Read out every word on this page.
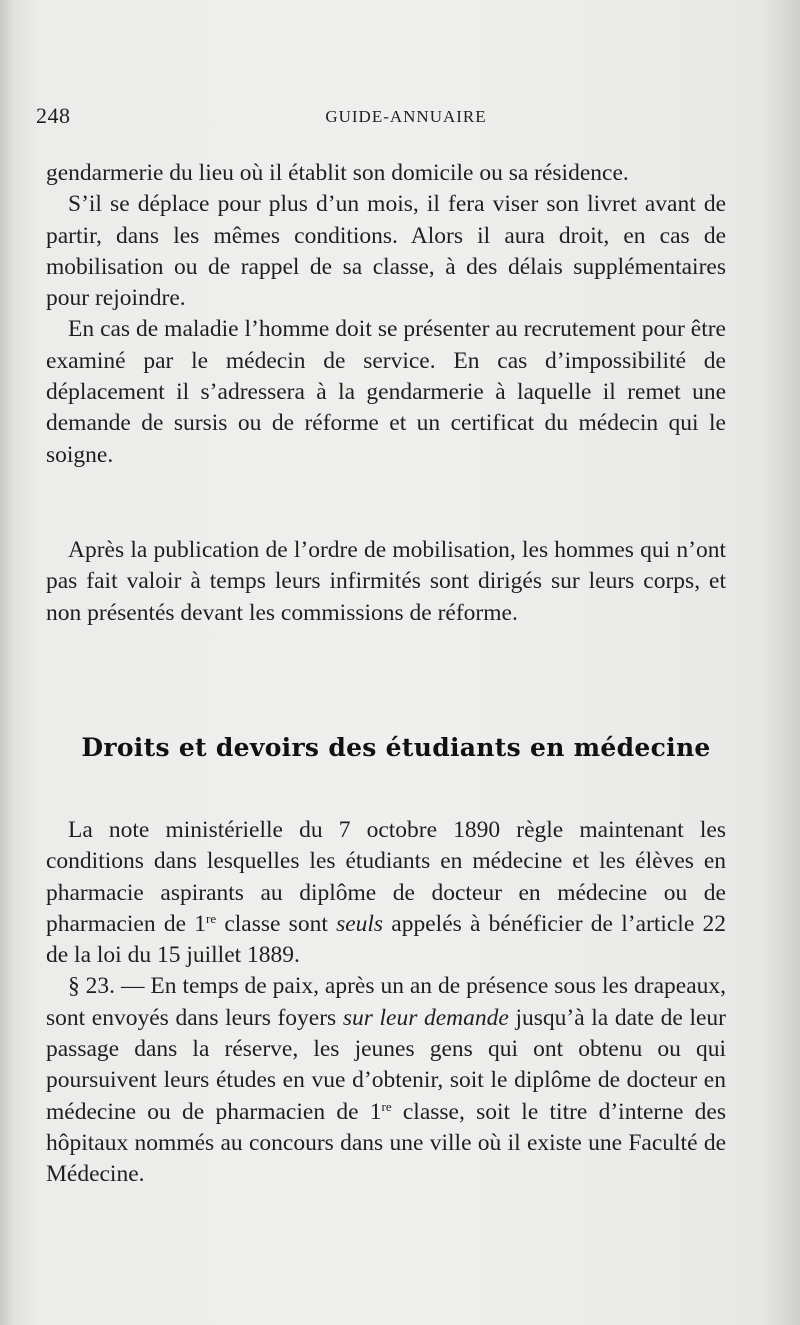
248	GUIDE-ANNUAIRE

gendarmerie du lieu où il établit son domicile ou sa résidence.

S’il se déplace pour plus d’un mois, il fera viser son livret avant de partir, dans les mêmes conditions. Alors il aura droit, en cas de mobilisation ou de rappel de sa classe, à des délais supplémentaires pour rejoindre.

En cas de maladie l’homme doit se présenter au recrutement pour être examiné par le médecin de service. En cas d’impossibilité de déplacement il s’adressera à la gendarmerie à laquelle il remet une demande de sursis ou de réforme et un certificat du médecin qui le soigne.

Après la publication de l’ordre de mobilisation, les hommes qui n’ont pas fait valoir à temps leurs infirmités sont dirigés sur leurs corps, et non présentés devant les commissions de réforme.

Droits et devoirs des étudiants en médecine

La note ministérielle du 7 octobre 1890 règle maintenant les conditions dans lesquelles les étudiants en médecine et les élèves en pharmacie aspirants au diplôme de docteur en médecine ou de pharmacien de 1re classe sont seuls appelés à bénéficier de l’article 22 de la loi du 15 juillet 1889.

§ 23. — En temps de paix, après un an de présence sous les drapeaux, sont envoyés dans leurs foyers sur leur demande jusqu’à la date de leur passage dans la réserve, les jeunes gens qui ont obtenu ou qui poursuivent leurs études en vue d’obtenir, soit le diplôme de docteur en médecine ou de pharmacien de 1re classe, soit le titre d’interne des hôpitaux nommés au concours dans une ville où il existe une Faculté de Médecine.
